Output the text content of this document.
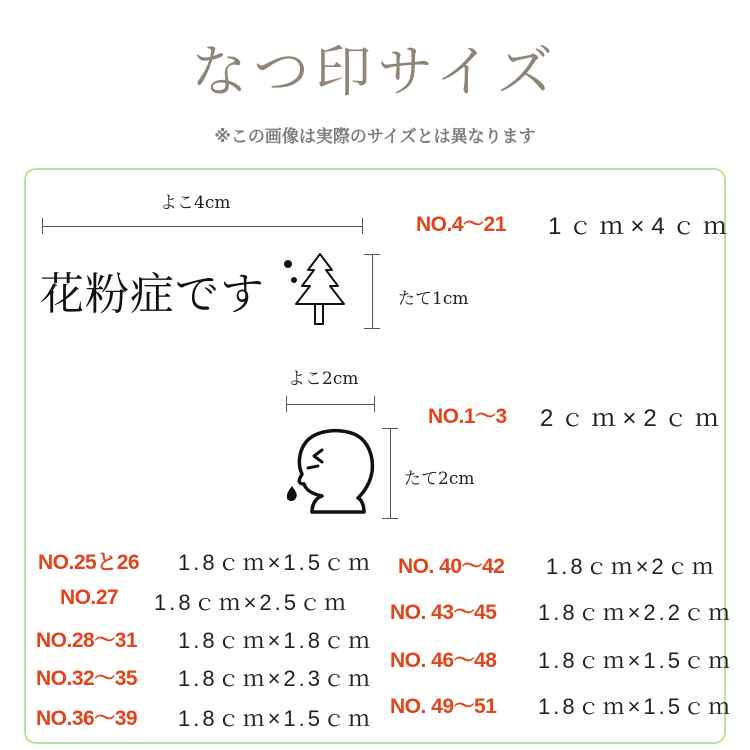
なつ印サイズ
※この画像は実際のサイズとは異なります
よこ4cm
花粉症です	たて1cm
NO.4〜21 1ｃｍ×4ｃｍ
よこ2cm
たて2cm
NO.1〜3 2ｃｍ×2ｃｍ
NO.25と26 1.8ｃｍ×1.5ｃｍ
NO.27 1.8ｃｍ×2.5ｃｍ
NO.28〜31 1.8ｃｍ×1.8ｃｍ
NO.32〜35 1.8ｃｍ×2.3ｃｍ
NO.36〜39 1.8ｃｍ×1.5ｃｍ
NO. 40〜42 1.8ｃｍ×2ｃｍ
NO. 43〜45 1.8ｃｍ×2.2ｃｍ
NO. 46〜48 1.8ｃｍ×1.5ｃｍ
NO. 49〜51 1.8ｃｍ×1.5ｃｍ
